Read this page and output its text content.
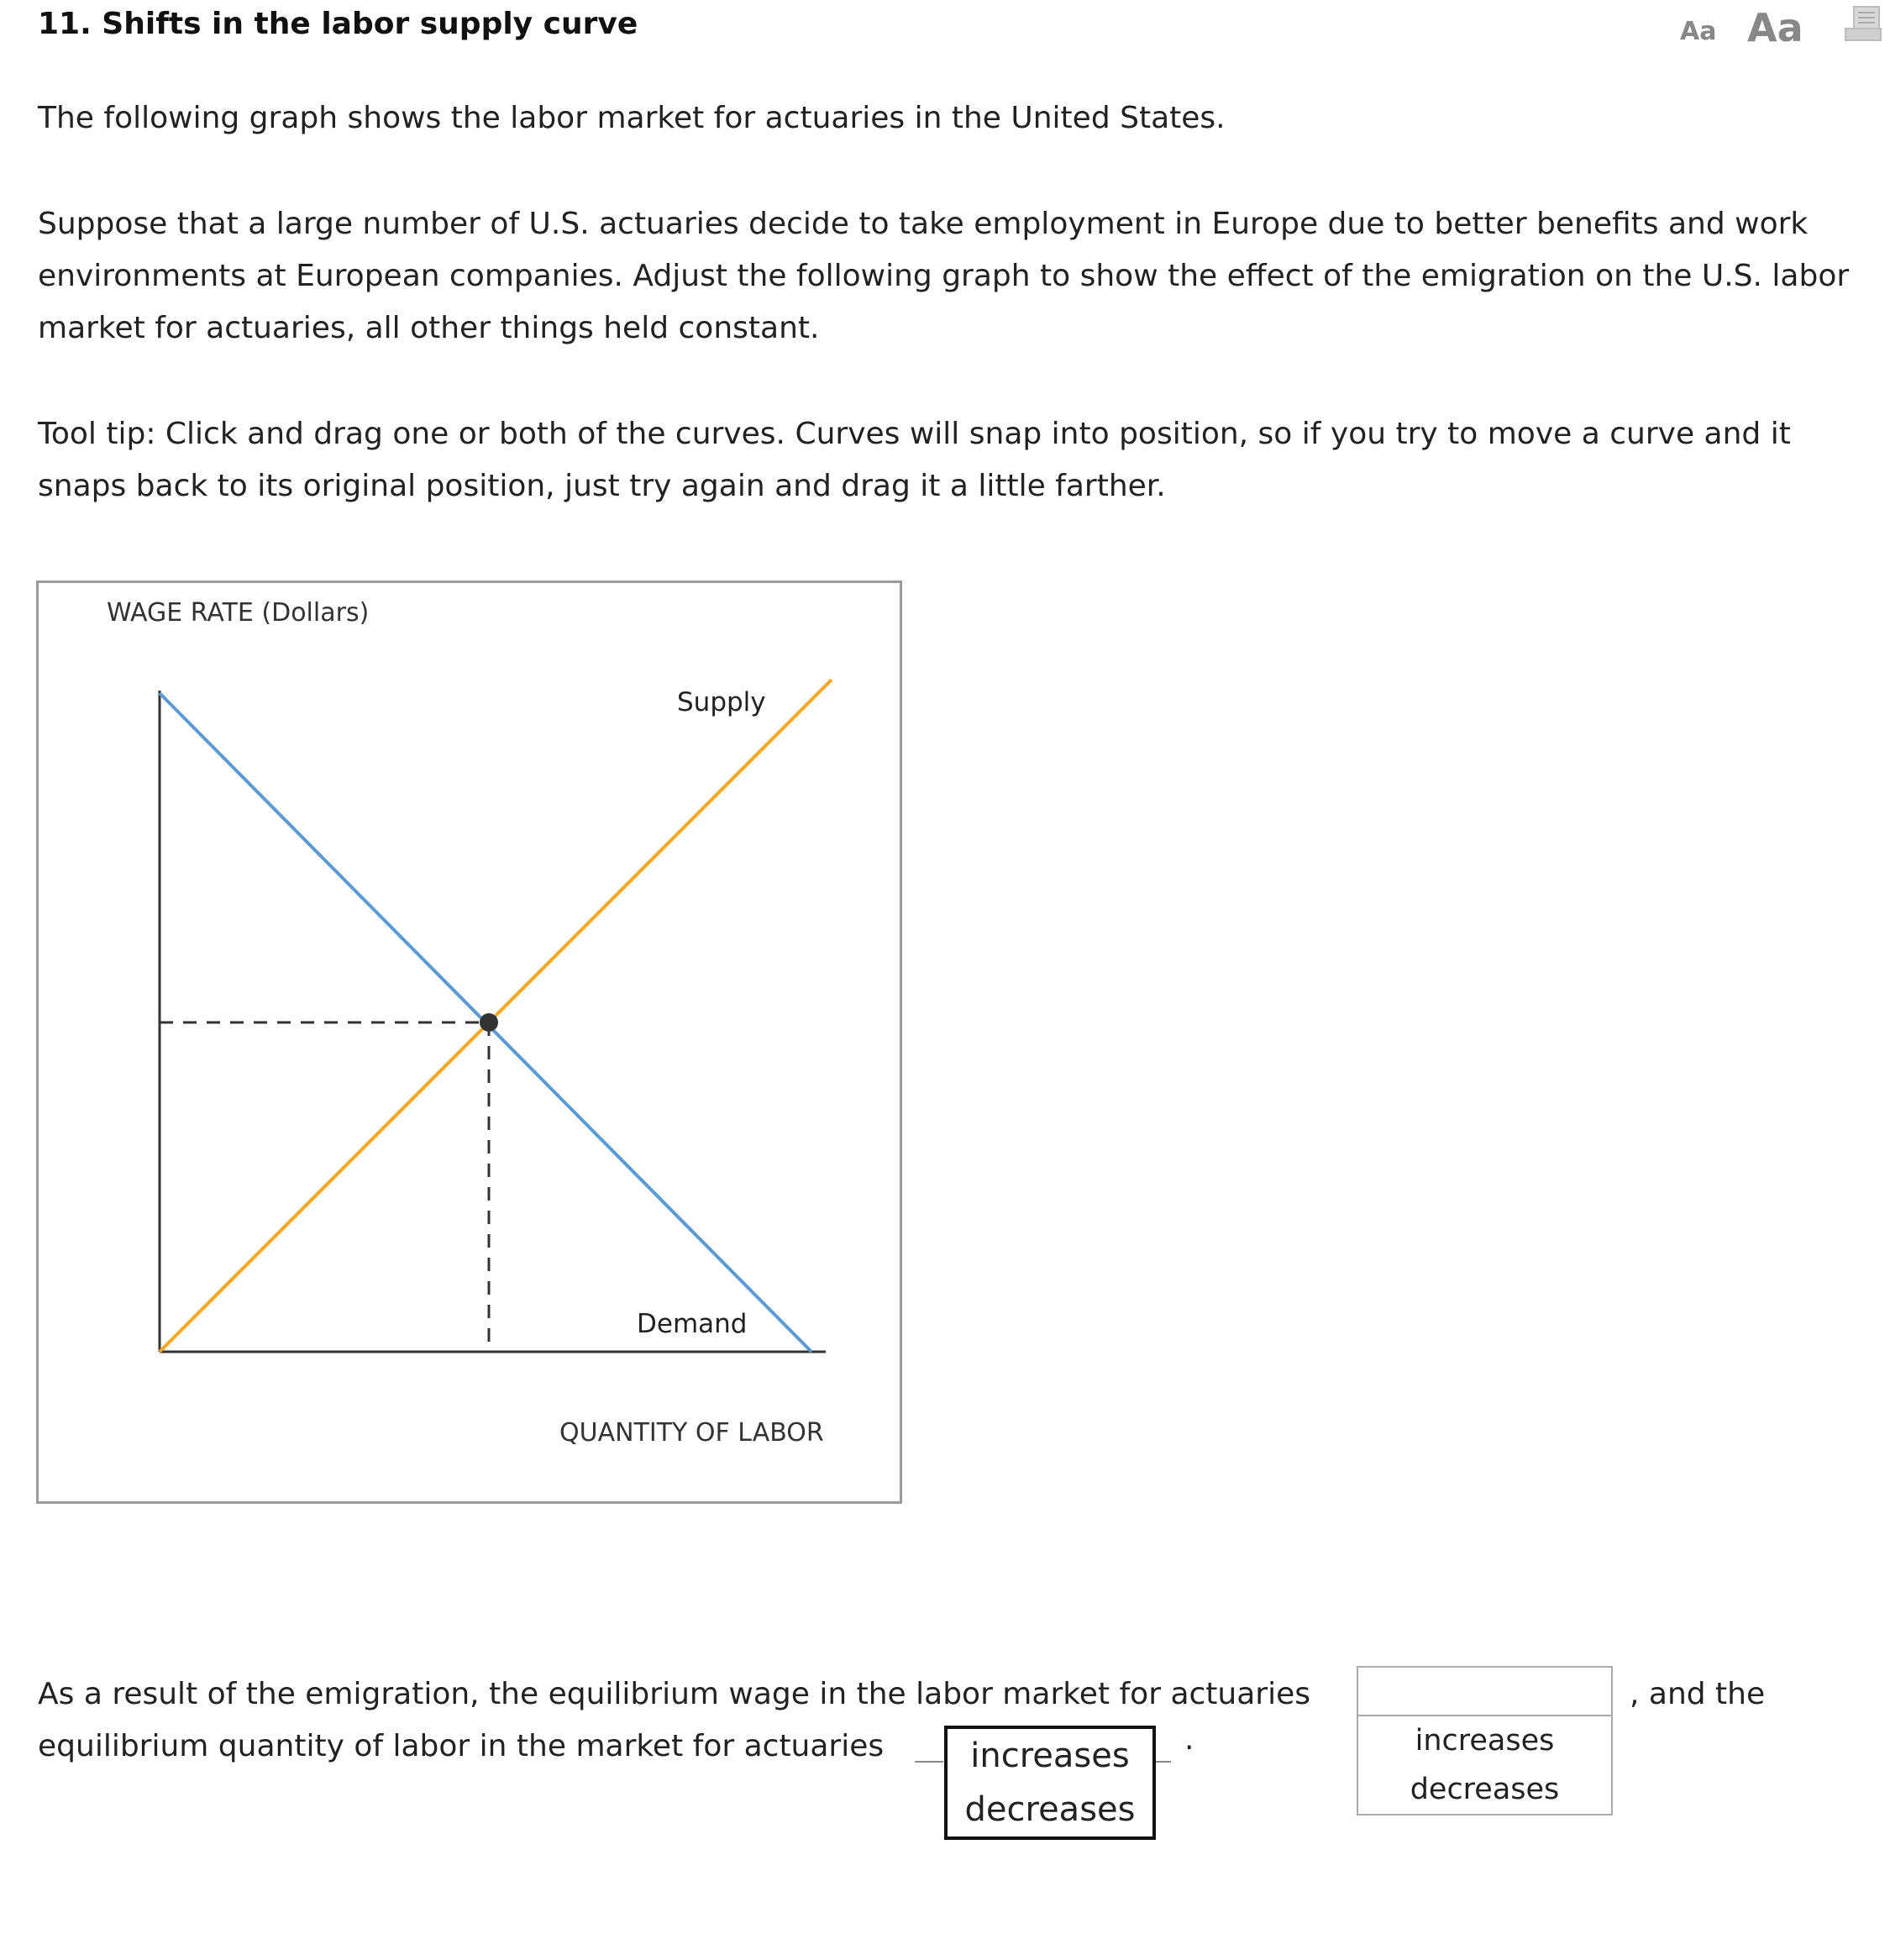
11. Shifts in the labor supply curve	Aa Aa

The following graph shows the labor market for actuaries in the United States.

Suppose that a large number of U.S. actuaries decide to take employment in Europe due to better benefits and work environments at European companies. Adjust the following graph to show the effect of the emigration on the U.S. labor market for actuaries, all other things held constant.

Tool tip: Click and drag one or both of the curves. Curves will snap into position, so if you try to move a curve and it snaps back to its original position, just try again and drag it a little farther.

WAGE RATE (Dollars)
Supply
Demand
QUANTITY OF LABOR
As a result of the emigration, the equilibrium wage in the labor market for actuaries	, and the
equilibrium quantity of labor in the market for actuaries	.	increases
decreases
increases
decreases
